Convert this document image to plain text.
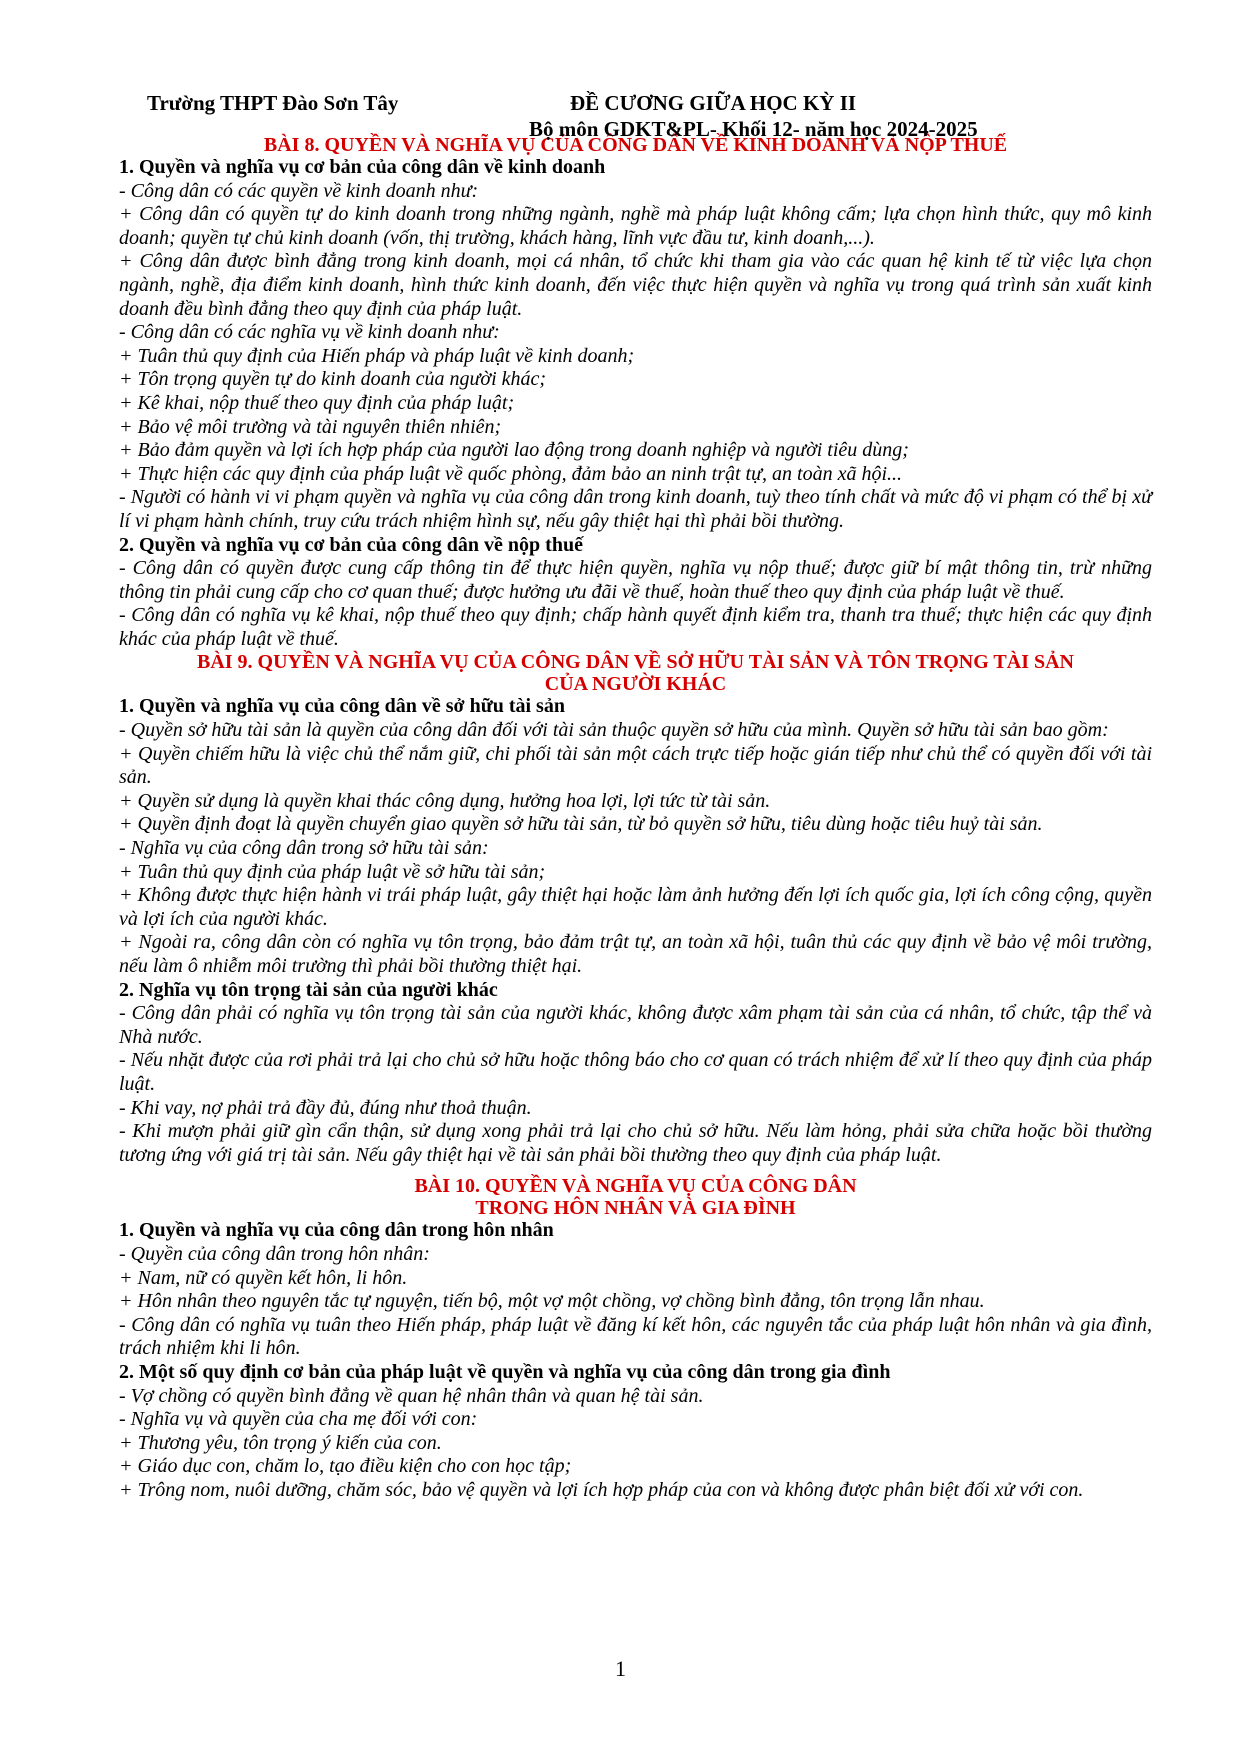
Trường THPT Đào Sơn Tây	ĐỀ CƯƠNG GIỮA HỌC KỲ II
Bộ môn GDKT&PL- Khối 12- năm học 2024-2025

BÀI 8. QUYỀN VÀ NGHĨA VỤ CỦA CÔNG DÂN VỀ KINH DOANH VÀ NỘP THUẾ

1. Quyền và nghĩa vụ cơ bản của công dân về kinh doanh

- Công dân có các quyền về kinh doanh như:

+ Công dân có quyền tự do kinh doanh trong những ngành, nghề mà pháp luật không cấm; lựa chọn hình thức, quy mô kinh doanh; quyền tự chủ kinh doanh (vốn, thị trường, khách hàng, lĩnh vực đầu tư, kinh doanh,...).

+ Công dân được bình đẳng trong kinh doanh, mọi cá nhân, tổ chức khi tham gia vào các quan hệ kinh tế từ việc lựa chọn ngành, nghề, địa điểm kinh doanh, hình thức kinh doanh, đến việc thực hiện quyền và nghĩa vụ trong quá trình sản xuất kinh doanh đều bình đẳng theo quy định của pháp luật.

- Công dân có các nghĩa vụ về kinh doanh như:

+ Tuân thủ quy định của Hiến pháp và pháp luật về kinh doanh;

+ Tôn trọng quyền tự do kinh doanh của người khác;

+ Kê khai, nộp thuế theo quy định của pháp luật;

+ Bảo vệ môi trường và tài nguyên thiên nhiên;

+ Bảo đảm quyền và lợi ích hợp pháp của người lao động trong doanh nghiệp và người tiêu dùng;

+ Thực hiện các quy định của pháp luật về quốc phòng, đảm bảo an ninh trật tự, an toàn xã hội...

- Người có hành vi vi phạm quyền và nghĩa vụ của công dân trong kinh doanh, tuỳ theo tính chất và mức độ vi phạm có thể bị xử lí vi phạm hành chính, truy cứu trách nhiệm hình sự, nếu gây thiệt hại thì phải bồi thường.

2. Quyền và nghĩa vụ cơ bản của công dân về nộp thuế

- Công dân có quyền được cung cấp thông tin để thực hiện quyền, nghĩa vụ nộp thuế; được giữ bí mật thông tin, trừ những thông tin phải cung cấp cho cơ quan thuế; được hưởng ưu đãi về thuế, hoàn thuế theo quy định của pháp luật về thuế.

- Công dân có nghĩa vụ kê khai, nộp thuế theo quy định; chấp hành quyết định kiểm tra, thanh tra thuế; thực hiện các quy định khác của pháp luật về thuế.

BÀI 9. QUYỀN VÀ NGHĨA VỤ CỦA CÔNG DÂN VỀ SỞ HỮU TÀI SẢN VÀ TÔN TRỌNG TÀI SẢN

CỦA NGƯỜI KHÁC

1. Quyền và nghĩa vụ của công dân về sở hữu tài sản

- Quyền sở hữu tài sản là quyền của công dân đối với tài sản thuộc quyền sở hữu của mình. Quyền sở hữu tài sản bao gồm:

+ Quyền chiếm hữu là việc chủ thể nắm giữ, chi phối tài sản một cách trực tiếp hoặc gián tiếp như chủ thể có quyền đối với tài sản.

+ Quyền sử dụng là quyền khai thác công dụng, hưởng hoa lợi, lợi tức từ tài sản.

+ Quyền định đoạt là quyền chuyển giao quyền sở hữu tài sản, từ bỏ quyền sở hữu, tiêu dùng hoặc tiêu huỷ tài sản.

- Nghĩa vụ của công dân trong sở hữu tài sản:

+ Tuân thủ quy định của pháp luật về sở hữu tài sản;

+ Không được thực hiện hành vi trái pháp luật, gây thiệt hại hoặc làm ảnh hưởng đến lợi ích quốc gia, lợi ích công cộng, quyền và lợi ích của người khác.

+ Ngoài ra, công dân còn có nghĩa vụ tôn trọng, bảo đảm trật tự, an toàn xã hội, tuân thủ các quy định về bảo vệ môi trường, nếu làm ô nhiễm môi trường thì phải bồi thường thiệt hại.

2. Nghĩa vụ tôn trọng tài sản của người khác

- Công dân phải có nghĩa vụ tôn trọng tài sản của người khác, không được xâm phạm tài sản của cá nhân, tổ chức, tập thể và Nhà nước.

- Nếu nhặt được của rơi phải trả lại cho chủ sở hữu hoặc thông báo cho cơ quan có trách nhiệm để xử lí theo quy định của pháp luật.

- Khi vay, nợ phải trả đầy đủ, đúng như thoả thuận.

- Khi mượn phải giữ gìn cẩn thận, sử dụng xong phải trả lại cho chủ sở hữu. Nếu làm hỏng, phải sửa chữa hoặc bồi thường tương ứng với giá trị tài sản. Nếu gây thiệt hại về tài sản phải bồi thường theo quy định của pháp luật.

BÀI 10. QUYỀN VÀ NGHĨA VỤ CỦA CÔNG DÂN

TRONG HÔN NHÂN VÀ GIA ĐÌNH

1. Quyền và nghĩa vụ của công dân trong hôn nhân

- Quyền của công dân trong hôn nhân:

+ Nam, nữ có quyền kết hôn, li hôn.

+ Hôn nhân theo nguyên tắc tự nguyện, tiến bộ, một vợ một chồng, vợ chồng bình đẳng, tôn trọng lẫn nhau.

- Công dân có nghĩa vụ tuân theo Hiến pháp, pháp luật về đăng kí kết hôn, các nguyên tắc của pháp luật hôn nhân và gia đình, trách nhiệm khi li hôn.

2. Một số quy định cơ bản của pháp luật về quyền và nghĩa vụ của công dân trong gia đình

- Vợ chồng có quyền bình đẳng về quan hệ nhân thân và quan hệ tài sản.

- Nghĩa vụ và quyền của cha mẹ đối với con:

+ Thương yêu, tôn trọng ý kiến của con.

+ Giáo dục con, chăm lo, tạo điều kiện cho con học tập;

+ Trông nom, nuôi dưỡng, chăm sóc, bảo vệ quyền và lợi ích hợp pháp của con và không được phân biệt đối xử với con.

1
